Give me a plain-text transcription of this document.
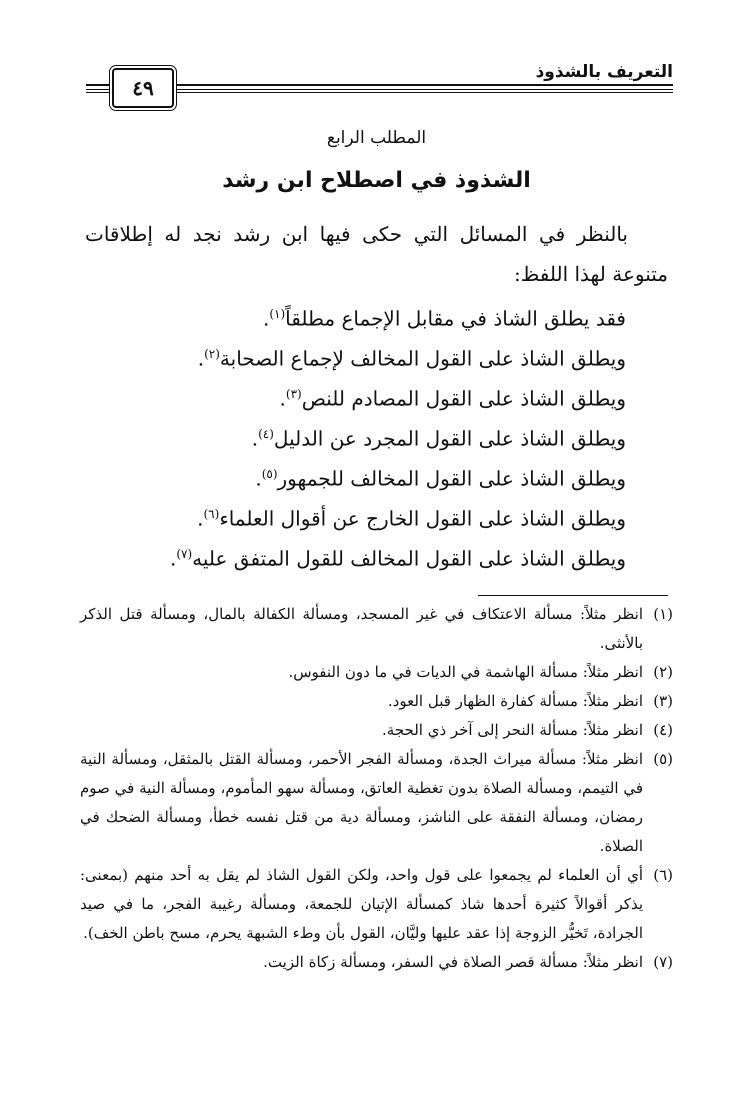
التعريف بالشذوذ
٤٩
المطلب الرابع
الشذوذ في اصطلاح ابن رشد

بالنظر في المسائل التي حكى فيها ابن رشد نجد له إطلاقات متنوعة لهذا اللفظ:

فقد يطلق الشاذ في مقابل الإجماع مطلقاً$^{(١)}$.

ويطلق الشاذ على القول المخالف لإجماع الصحابة$^{(٢)}$.

ويطلق الشاذ على القول المصادم للنص$^{(٣)}$.

ويطلق الشاذ على القول المجرد عن الدليل$^{(٤)}$.

ويطلق الشاذ على القول المخالف للجمهور$^{(٥)}$.

ويطلق الشاذ على القول الخارج عن أقوال العلماء$^{(٦)}$.

ويطلق الشاذ على القول المخالف للقول المتفق عليه$^{(٧)}$.

(١)
انظر مثلاً: مسألة الاعتكاف في غير المسجد، ومسألة الكفالة بالمال، ومسألة قتل الذكر بالأنثى.
(٢)
انظر مثلاً: مسألة الهاشمة في الديات في ما دون النفوس.
(٣)
انظر مثلاً: مسألة كفارة الظهار قبل العود.
(٤)
انظر مثلاً: مسألة النحر إلى آخر ذي الحجة.
(٥)
انظر مثلاً: مسألة ميراث الجدة، ومسألة الفجر الأحمر، ومسألة القتل بالمثقل، ومسألة النية في التيمم، ومسألة الصلاة بدون تغطية العاتق، ومسألة سهو المأموم، ومسألة النية في صوم رمضان، ومسألة النفقة على الناشز، ومسألة دية من قتل نفسه خطأ، ومسألة الضحك في الصلاة.
(٦)
أي أن العلماء لم يجمعوا على قول واحد، ولكن القول الشاذ لم يقل به أحد منهم (بمعنى: يذكر أقوالاً كثيرة أحدها شاذ كمسألة الإتيان للجمعة، ومسألة رغيبة الفجر، ما في صيد الجرادة، تَخيُّر الزوجة إذا عقد عليها وليَّان، القول بأن وطء الشبهة يحرم، مسح باطن الخف).
(٧)
انظر مثلاً: مسألة قصر الصلاة في السفر، ومسألة زكاة الزيت.
